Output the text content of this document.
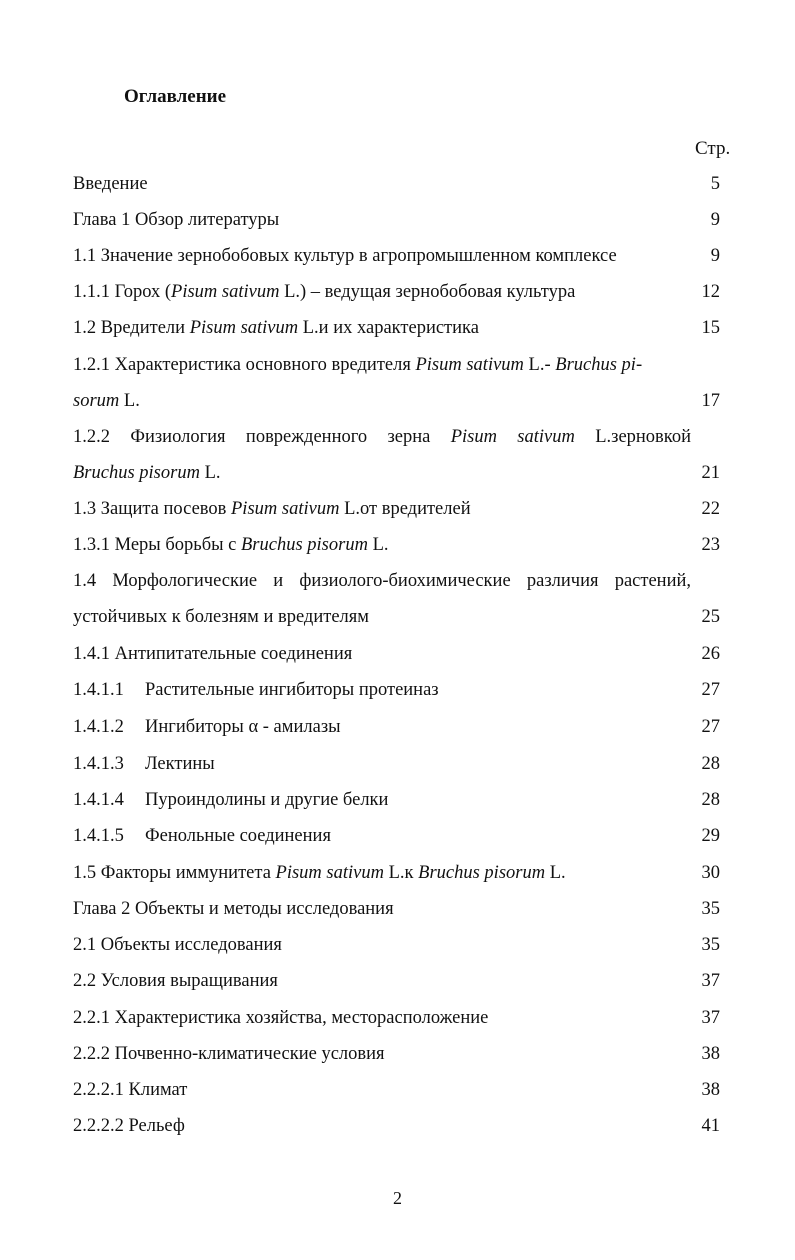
Оглавление
Стр.
Введение	5
Глава 1 Обзор литературы	9
1.1 Значение зернобобовых культур в агропромышленном комплексе	9
1.1.1 Горох (Pisum sativum L.) – ведущая зернобобовая культура	12
1.2 Вредители Pisum sativum L.и их характеристика	15
1.2.1 Характеристика основного вредителя Pisum sativum L.- Bruchus pi-
sorum L.	17
1.2.2 Физиология поврежденного зерна Pisum sativum L.зерновкой
Bruchus pisorum L.	21
1.3 Защита посевов Pisum sativum L.от вредителей	22
1.3.1 Меры борьбы с Bruchus pisorum L.	23
1.4 Морфологические и физиолого-биохимические различия растений,
устойчивых к болезням и вредителям	25
1.4.1 Антипитательные соединения	26
1.4.1.1 Растительные ингибиторы протеиназ	27
1.4.1.2 Ингибиторы α - амилазы	27
1.4.1.3 Лектины	28
1.4.1.4 Пуроиндолины и другие белки	28
1.4.1.5 Фенольные соединения	29
1.5 Факторы иммунитета Pisum sativum L.к Bruchus pisorum L.	30
Глава 2 Объекты и методы исследования	35
2.1 Объекты исследования	35
2.2 Условия выращивания	37
2.2.1 Характеристика хозяйства, месторасположение	37
2.2.2 Почвенно-климатические условия	38
2.2.2.1 Климат	38
2.2.2.2 Рельеф	41
2
